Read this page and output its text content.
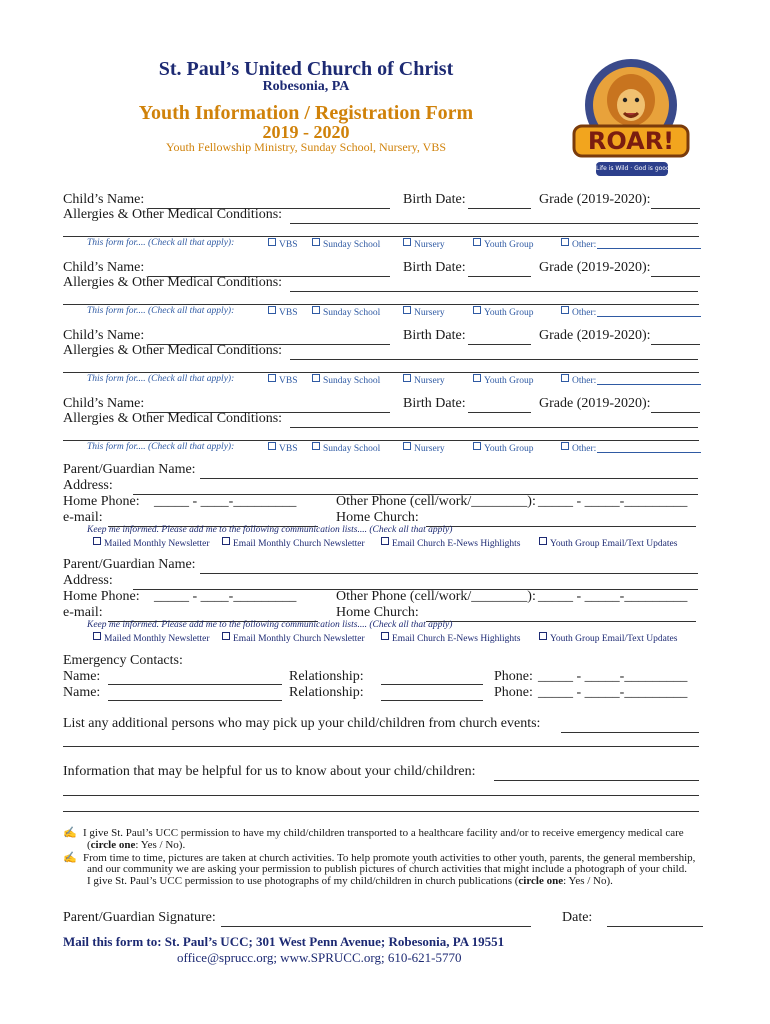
St. Paul’s United Church of Christ
Robesonia, PA
Youth Information / Registration Form
2019 - 2020
Youth Fellowship Ministry, Sunday School, Nursery, VBS	ROAR!
Life is Wild · God is good
Child’s Name:	Birth Date:	Grade (2019-2020):
Allergies & Other Medical Conditions:
This form for.... (Check all that apply):	VBS	Sunday School	Nursery	Youth Group	Other:
Child’s Name:	Birth Date:	Grade (2019-2020):
Allergies & Other Medical Conditions:
This form for.... (Check all that apply):	VBS	Sunday School	Nursery	Youth Group	Other:
Child’s Name:	Birth Date:	Grade (2019-2020):
Allergies & Other Medical Conditions:
This form for.... (Check all that apply):	VBS	Sunday School	Nursery	Youth Group	Other:
Child’s Name:	Birth Date:	Grade (2019-2020):
Allergies & Other Medical Conditions:
This form for.... (Check all that apply):	VBS	Sunday School	Nursery	Youth Group	Other:
Parent/Guardian Name:
Address:
Home Phone: _____ - ____-_________	Other Phone (cell/work/________): _____ - _____-_________
e-mail:	Home Church:
Keep me informed. Please add me to the following communication lists.... (Check all that apply)
Mailed Monthly Newsletter	Email Monthly Church Newsletter	Email Church E-News Highlights	Youth Group Email/Text Updates
Parent/Guardian Name:
Address:
Home Phone: _____ - ____-_________	Other Phone (cell/work/________): _____ - _____-_________
e-mail:	Home Church:
Keep me informed. Please add me to the following communication lists.... (Check all that apply)
Mailed Monthly Newsletter	Email Monthly Church Newsletter	Email Church E-News Highlights	Youth Group Email/Text Updates
Emergency Contacts:
Name:	Relationship:	Phone: _____ - _____-_________
Name:	Relationship:	Phone: _____ - _____-_________
List any additional persons who may pick up your child/children from church events:
Information that may be helpful for us to know about your child/children:
✍ I give St. Paul’s UCC permission to have my child/children transported to a healthcare facility and/or to receive emergency medical care
(circle one: Yes / No).
✍ From time to time, pictures are taken at church activities. To help promote youth activities to other youth, parents, the general membership,
and our community we are asking your permission to publish pictures of church activities that might include a photograph of your child.
I give St. Paul’s UCC permission to use photographs of my child/children in church publications (circle one: Yes / No).
Parent/Guardian Signature:	Date:
Mail this form to: St. Paul’s UCC; 301 West Penn Avenue; Robesonia, PA 19551
office@sprucc.org; www.SPRUCC.org; 610-621-5770
